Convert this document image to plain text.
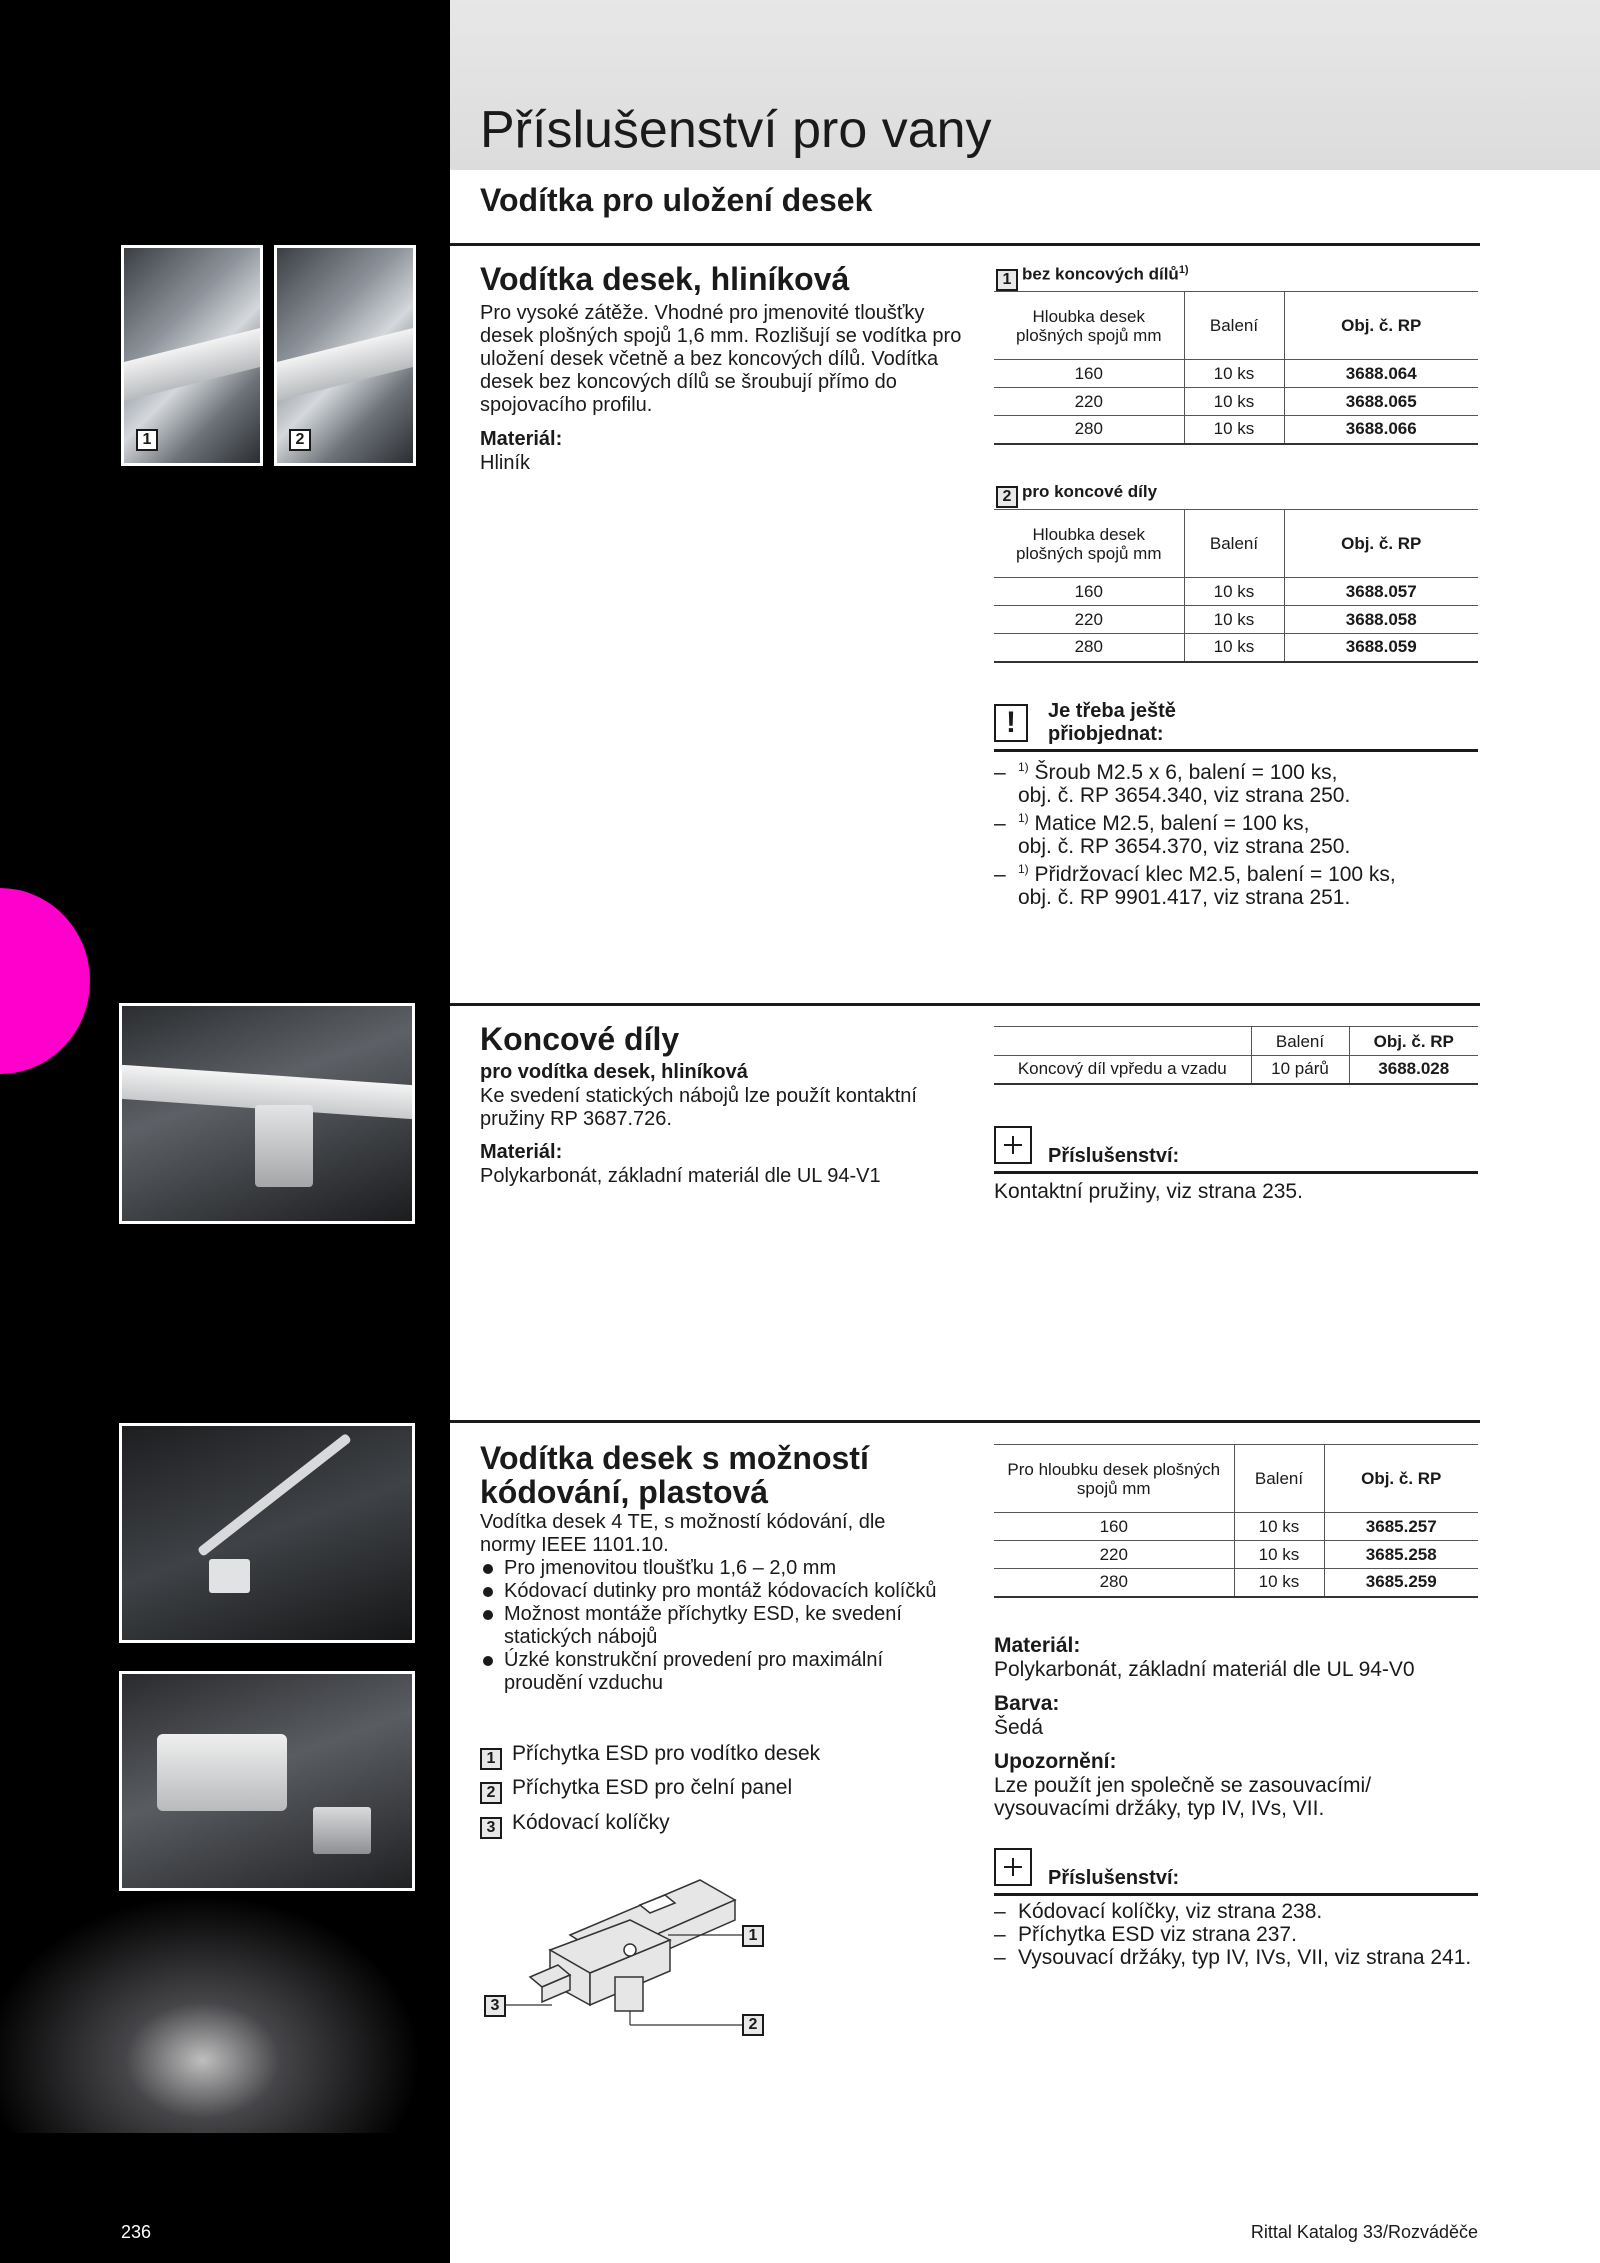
Příslušenství pro vany
Vodítka pro uložení desek
1	2
Vodítka desek, hliníková

Pro vysoké zátěže. Vhodné pro jmenovité tloušťky desek plošných spojů 1,6 mm. Rozlišují se vodítka pro uložení desek včetně a bez koncových dílů. Vodítka desek bez koncových dílů se šroubují přímo do spojovacího profilu.

Materiál:
Hliník
1 bez koncových dílů$^{1)}$
Hloubka desek plošných spojů mm	Balení	Obj. č. RP
160	10 ks	3688.064
220	10 ks	3688.065
280	10 ks	3688.066
2 pro koncové díly
Hloubka desek plošných spojů mm	Balení	Obj. č. RP
160	10 ks	3688.057
220	10 ks	3688.058
280	10 ks	3688.059
!	Je třeba ještě
přiobjednat:
– $^{1)}$ Šroub M2.5 x 6, balení = 100 ks,
obj. č. RP 3654.340, viz strana 250.
– $^{1)}$ Matice M2.5, balení = 100 ks,
obj. č. RP 3654.370, viz strana 250.
– $^{1)}$ Přidržovací klec M2.5, balení = 100 ks,
obj. č. RP 9901.417, viz strana 251.
Koncové díly
pro vodítka desek, hliníková

Ke svedení statických nábojů lze použít kontaktní pružiny RP 3687.726.

Materiál:
Polykarbonát, základní materiál dle UL 94-V1
	Balení	Obj. č. RP
Koncový díl vpředu a vzadu	10 párů	3688.028
Příslušenství:
Kontaktní pružiny, viz strana 235.
Vodítka desek s možností
kódování, plastová

Vodítka desek 4 TE, s možností kódování, dle normy IEEE 1101.10.

Pro jmenovitou tloušťku 1,6 – 2,0 mm
Kódovací dutinky pro montáž kódovacích kolíčků
Možnost montáže příchytky ESD, ke svedení statických nábojů
Úzké konstrukční provedení pro maximální proudění vzduchu
1 Příchytka ESD pro vodítko desek
2 Příchytka ESD pro čelní panel
3 Kódovací kolíčky
1
3
2
Pro hloubku desek plošných spojů mm	Balení	Obj. č. RP
160	10 ks	3685.257
220	10 ks	3685.258
280	10 ks	3685.259
Materiál:
Polykarbonát, základní materiál dle UL 94-V0
Barva:
Šedá
Upozornění:

Lze použít jen společně se zasouvacími/ vysouvacími držáky, typ IV, IVs, VII.

Příslušenství:
– Kódovací kolíčky, viz strana 238.
– Příchytka ESD viz strana 237.
– Vysouvací držáky, typ IV, IVs, VII, viz strana 241.
236	Rittal Katalog 33/Rozváděče
